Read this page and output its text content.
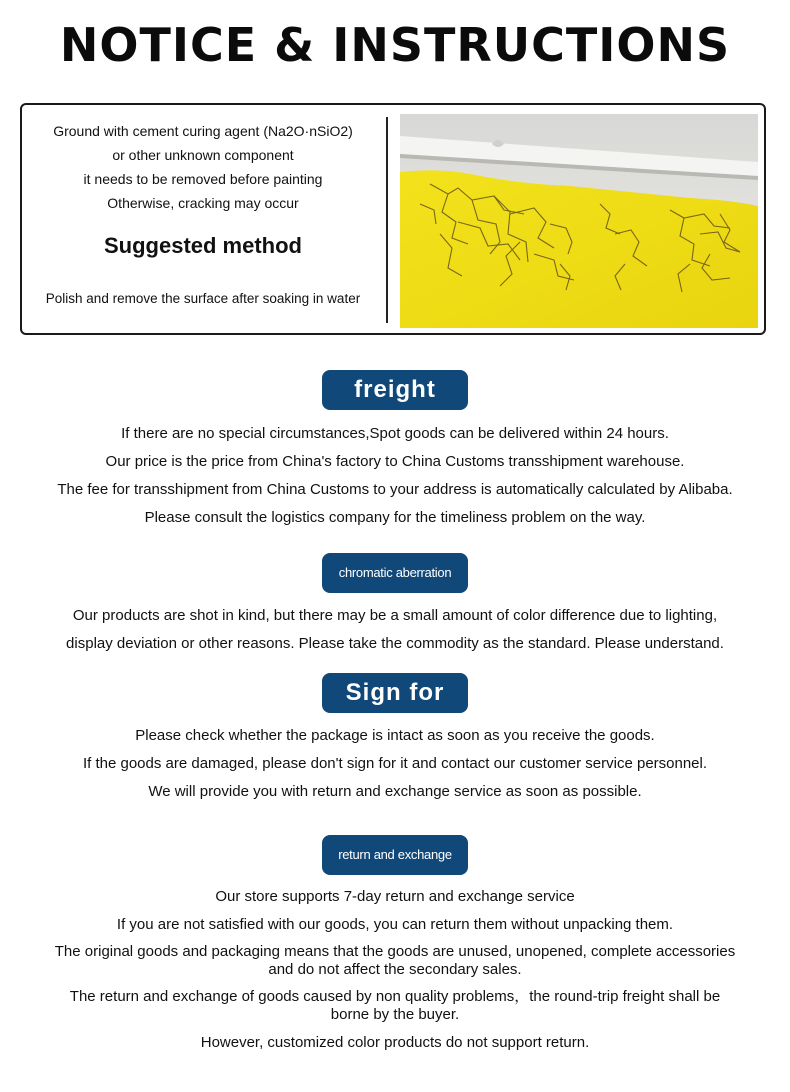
NOTICE & INSTRUCTIONS
Ground with cement curing agent (Na2O·nSiO2)
or other unknown component
it needs to be removed before painting
Otherwise, cracking may occur
Suggested method
Polish and remove the surface after soaking in water
freight
If there are no special circumstances,Spot goods can be delivered within 24 hours.
Our price is the price from China's factory to China Customs transshipment warehouse.
The fee for transshipment from China Customs to your address is automatically calculated by Alibaba.
Please consult the logistics company for the timeliness problem on the way.
chromatic aberration
Our products are shot in kind, but there may be a small amount of color difference due to lighting,
display deviation or other reasons. Please take the commodity as the standard. Please understand.
Sign for
Please check whether the package is intact as soon as you receive the goods.
If the goods are damaged, please don't sign for it and contact our customer service personnel.
We will provide you with return and exchange service as soon as possible.
return and exchange
Our store supports 7-day return and exchange service
If you are not satisfied with our goods, you can return them without unpacking them.
The original goods and packaging means that the goods are unused, unopened, complete accessories
and do not affect the secondary sales.
The return and exchange of goods caused by non quality problems，the round-trip freight shall be
borne by the buyer.
However, customized color products do not support return.
